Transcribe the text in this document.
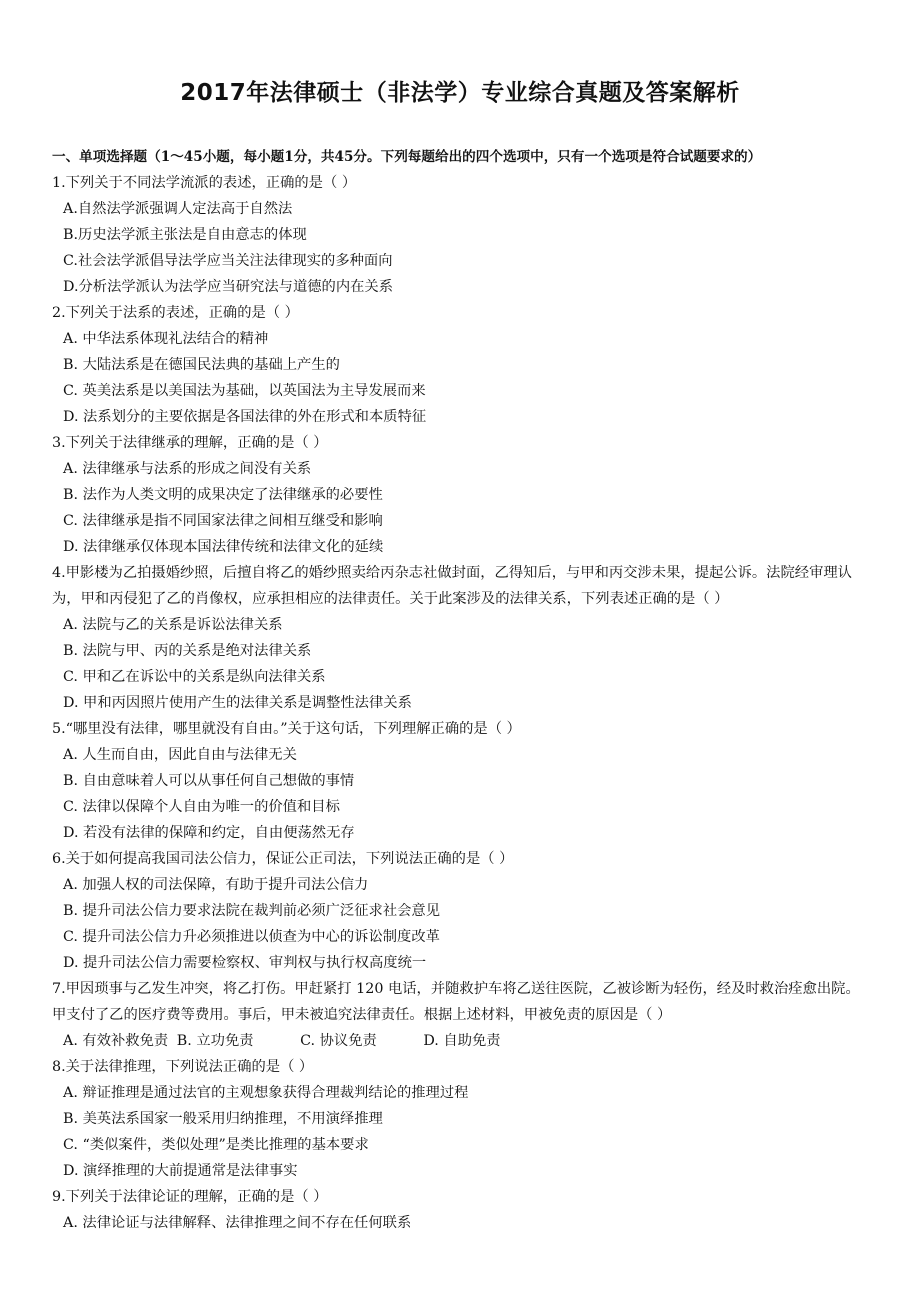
2017年法律硕士（非法学）专业综合真题及答案解析
一、单项选择题（1～45小题，每小题1分，共45分。下列每题给出的四个选项中，只有一个选项是符合试题要求的）
1.下列关于不同法学流派的表述，正确的是（ ）
A.自然法学派强调人定法高于自然法
B.历史法学派主张法是自由意志的体现
C.社会法学派倡导法学应当关注法律现实的多种面向
D.分析法学派认为法学应当研究法与道德的内在关系
2.下列关于法系的表述，正确的是（ ）
A. 中华法系体现礼法结合的精神
B. 大陆法系是在德国民法典的基础上产生的
C. 英美法系是以美国法为基础，以英国法为主导发展而来
D. 法系划分的主要依据是各国法律的外在形式和本质特征
3.下列关于法律继承的理解，正确的是（ ）
A. 法律继承与法系的形成之间没有关系
B. 法作为人类文明的成果决定了法律继承的必要性
C. 法律继承是指不同国家法律之间相互继受和影响
D. 法律继承仅体现本国法律传统和法律文化的延续
4.甲影楼为乙拍摄婚纱照，后擅自将乙的婚纱照卖给丙杂志社做封面，乙得知后，与甲和丙交涉未果，提起公诉。法院经审理认为，甲和丙侵犯了乙的肖像权，应承担相应的法律责任。关于此案涉及的法律关系，下列表述正确的是（ ）
A. 法院与乙的关系是诉讼法律关系
B. 法院与甲、丙的关系是绝对法律关系
C. 甲和乙在诉讼中的关系是纵向法律关系
D. 甲和丙因照片使用产生的法律关系是调整性法律关系
5.“哪里没有法律，哪里就没有自由。”关于这句话，下列理解正确的是（ ）
A. 人生而自由，因此自由与法律无关
B. 自由意味着人可以从事任何自己想做的事情
C. 法律以保障个人自由为唯一的价值和目标
D. 若没有法律的保障和约定，自由便荡然无存
6.关于如何提高我国司法公信力，保证公正司法，下列说法正确的是（ ）
A. 加强人权的司法保障，有助于提升司法公信力
B. 提升司法公信力要求法院在裁判前必须广泛征求社会意见
C. 提升司法公信力升必须推进以侦查为中心的诉讼制度改革
D. 提升司法公信力需要检察权、审判权与执行权高度统一
7.甲因琐事与乙发生冲突，将乙打伤。甲赶紧打 120 电话，并随救护车将乙送往医院，乙被诊断为轻伤，经及时救治痊愈出院。甲支付了乙的医疗费等费用。事后，甲未被追究法律责任。根据上述材料，甲被免责的原因是（ ）
A. 有效补救免责 B. 立功免责	C. 协议免责	D. 自助免责
8.关于法律推理，下列说法正确的是（ ）
A. 辩证推理是通过法官的主观想象获得合理裁判结论的推理过程
B. 美英法系国家一般采用归纳推理，不用演绎推理
C. “类似案件，类似处理”是类比推理的基本要求
D. 演绎推理的大前提通常是法律事实
9.下列关于法律论证的理解，正确的是（ ）
A. 法律论证与法律解释、法律推理之间不存在任何联系
